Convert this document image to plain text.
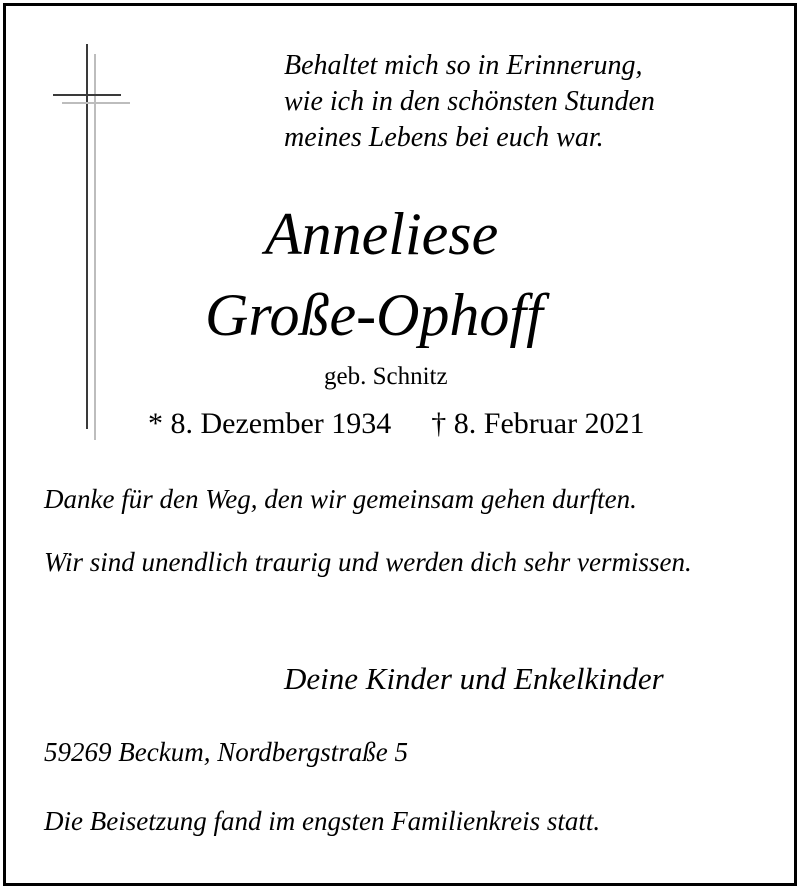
Behaltet mich so in Erinnerung,
wie ich in den schönsten Stunden
meines Lebens bei euch war.
Anneliese
Große-Ophoff
geb. Schnitz
* 8. Dezember 1934 † 8. Februar 2021
Danke für den Weg, den wir gemeinsam gehen durften.
Wir sind unendlich traurig und werden dich sehr vermissen.
Deine Kinder und Enkelkinder
59269 Beckum, Nordbergstraße 5
Die Beisetzung fand im engsten Familienkreis statt.
